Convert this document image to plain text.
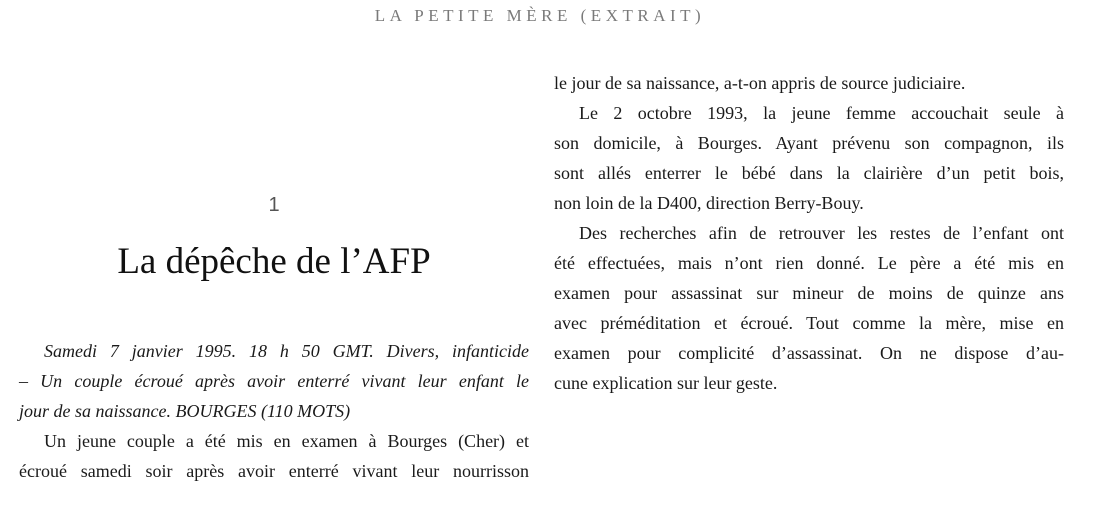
LA PETITE MÈRE (EXTRAIT)
1
La dépêche de l’AFP

Samedi 7 janvier 1995. 18 h 50 GMT. Divers, infanticide

– Un couple écroué après avoir enterré vivant leur enfant le

jour de sa naissance. BOURGES (110 MOTS)

Un jeune couple a été mis en examen à Bourges (Cher) et

écroué samedi soir après avoir enterré vivant leur nourrisson

le jour de sa naissance, a-t-on appris de source judiciaire.

Le 2 octobre 1993, la jeune femme accouchait seule à

son domicile, à Bourges. Ayant prévenu son compagnon, ils

sont allés enterrer le bébé dans la clairière d’un petit bois,

non loin de la D400, direction Berry-Bouy.

Des recherches afin de retrouver les restes de l’enfant ont

été effectuées, mais n’ont rien donné. Le père a été mis en

examen pour assassinat sur mineur de moins de quinze ans

avec préméditation et écroué. Tout comme la mère, mise en

examen pour complicité d’assassinat. On ne dispose d’au-

cune explication sur leur geste.
